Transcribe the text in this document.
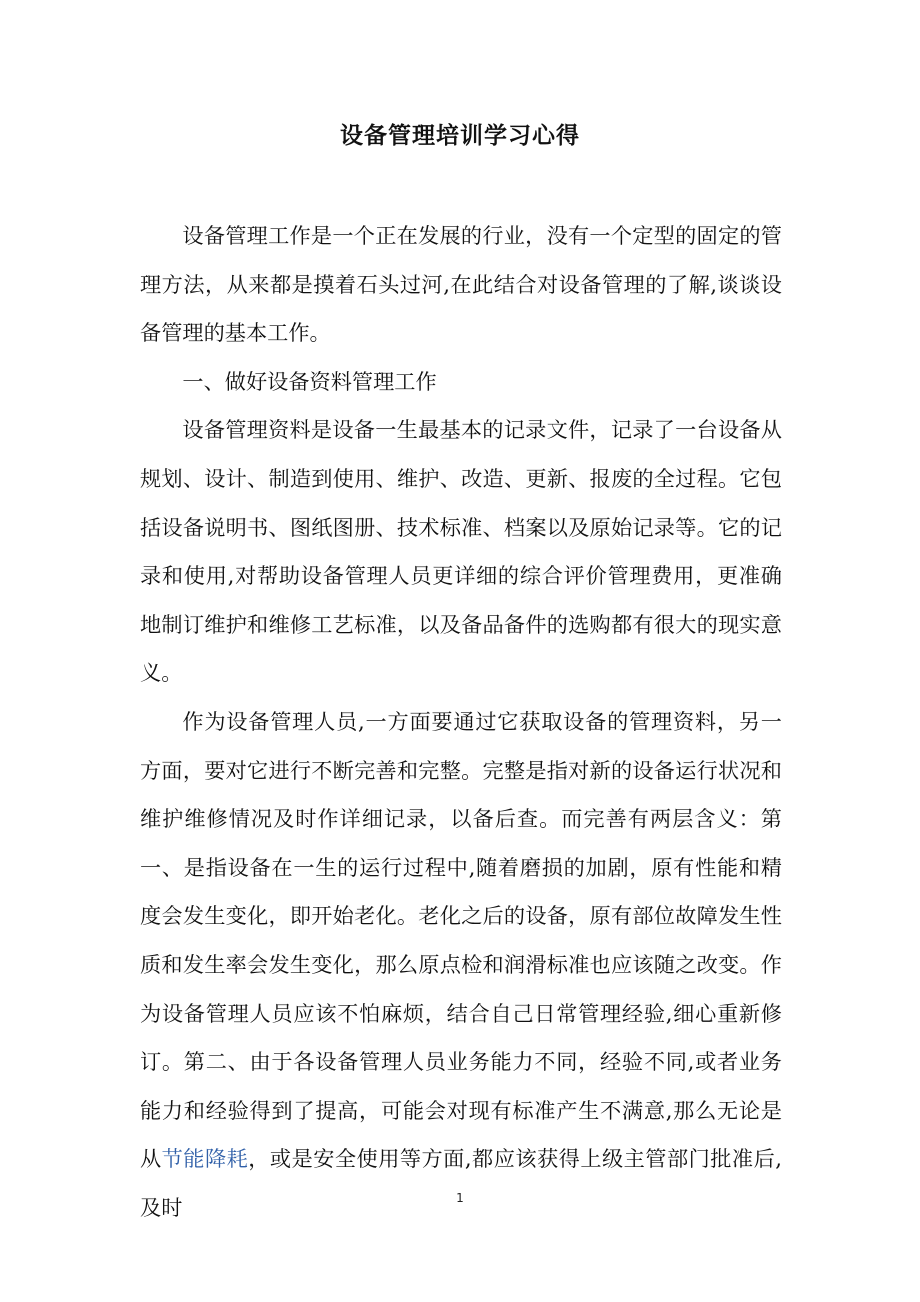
设备管理培训学习心得

设备管理工作是一个正在发展的行业，没有一个定型的固定的管理方法，从来都是摸着石头过河,在此结合对设备管理的了解,谈谈设备管理的基本工作。

一、做好设备资料管理工作

设备管理资料是设备一生最基本的记录文件，记录了一台设备从规划、设计、制造到使用、维护、改造、更新、报废的全过程。它包括设备说明书、图纸图册、技术标准、档案以及原始记录等。它的记录和使用,对帮助设备管理人员更详细的综合评价管理费用，更准确地制订维护和维修工艺标准，以及备品备件的选购都有很大的现实意义。

作为设备管理人员,一方面要通过它获取设备的管理资料，另一方面，要对它进行不断完善和完整。完整是指对新的设备运行状况和维护维修情况及时作详细记录，以备后查。而完善有两层含义：第一、是指设备在一生的运行过程中,随着磨损的加剧，原有性能和精度会发生变化，即开始老化。老化之后的设备，原有部位故障发生性质和发生率会发生变化，那么原点检和润滑标准也应该随之改变。作为设备管理人员应该不怕麻烦，结合自己日常管理经验,细心重新修订。第二、由于各设备管理人员业务能力不同，经验不同,或者业务能力和经验得到了提高，可能会对现有标准产生不满意,那么无论是从节能降耗，或是安全使用等方面,都应该获得上级主管部门批准后,及时	1
